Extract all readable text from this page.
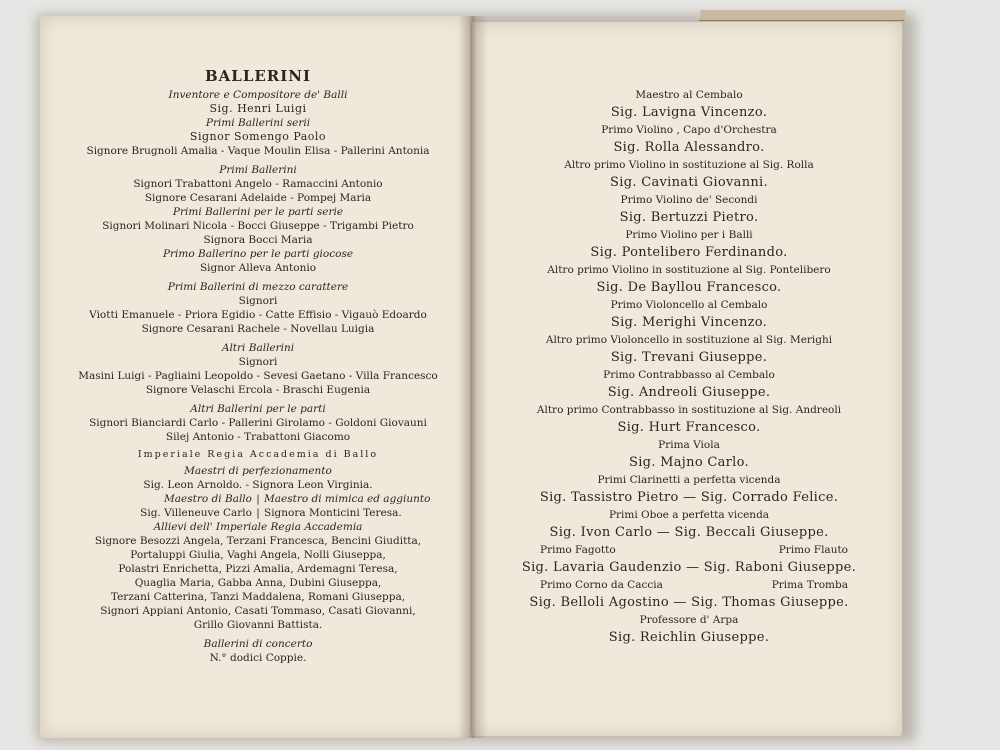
BALLERINI
Inventore e Compositore de' Balli
Sig. Henri Luigi
Primi Ballerini serii
Signor Somengo Paolo
Signore Brugnoli Amalia - Vaque Moulin Elisa - Pallerini Antonia
Primi Ballerini
Signori Trabattoni Angelo - Ramaccini Antonio
Signore Cesarani Adelaide - Pompej Maria
Primi Ballerini per le parti serie
Signori Molinari Nicola - Bocci Giuseppe - Trigambi Pietro
Signora Bocci Maria
Primo Ballerino per le parti giocose
Signor Alleva Antonio
Primi Ballerini di mezzo carattere
Signori
Viotti Emanuele - Priora Egidio - Catte Effisio - Vigauò Edoardo
Signore Cesarani Rachele - Novellau Luigia
Altri Ballerini
Signori
Masini Luigi - Pagliaini Leopoldo - Sevesi Gaetano - Villa Francesco
Signore Velaschi Ercola - Braschi Eugenia
Altri Ballerini per le parti
Signori Bianciardi Carlo - Pallerini Girolamo - Goldoni Giovauni
Silej Antonio - Trabattoni Giacomo
Imperiale Regia Accademia di Ballo
Maestri di perfezionamento
Sig. Leon Arnoldo. - Signora Leon Virginia.
Maestro di Ballo | Maestro di mimica ed aggiunto
Sig. Villeneuve Carlo | Signora Monticini Teresa.
Allievi dell' Imperiale Regia Accademia
Signore Besozzi Angela, Terzani Francesca, Bencini Giuditta,
Portaluppi Giulia, Vaghi Angela, Nolli Giuseppa,
Polastri Enrichetta, Pizzi Amalia, Ardemagni Teresa,
Quaglia Maria, Gabba Anna, Dubini Giuseppa,
Terzani Catterina, Tanzi Maddalena, Romani Giuseppa,
Signori Appiani Antonio, Casati Tommaso, Casati Giovanni,
Grillo Giovanni Battista.
Ballerini di concerto
N.° dodici Coppie.
Maestro al Cembalo
Sig. Lavigna Vincenzo.
Primo Violino , Capo d'Orchestra
Sig. Rolla Alessandro.
Altro primo Violino in sostituzione al Sig. Rolla
Sig. Cavinati Giovanni.
Primo Violino de' Secondi
Sig. Bertuzzi Pietro.
Primo Violino per i Balli
Sig. Pontelibero Ferdinando.
Altro primo Violino in sostituzione al Sig. Pontelibero
Sig. De Bayllou Francesco.
Primo Violoncello al Cembalo
Sig. Merighi Vincenzo.
Altro primo Violoncello in sostituzione al Sig. Merighi
Sig. Trevani Giuseppe.
Primo Contrabbasso al Cembalo
Sig. Andreoli Giuseppe.
Altro primo Contrabbasso in sostituzione al Sig. Andreoli
Sig. Hurt Francesco.
Prima Viola
Sig. Majno Carlo.
Primi Clarinetti a perfetta vicenda
Sig. Tassistro Pietro — Sig. Corrado Felice.
Primi Oboe a perfetta vicenda
Sig. Ivon Carlo — Sig. Beccali Giuseppe.
Primo Fagotto	Primo Flauto
Sig. Lavaria Gaudenzio — Sig. Raboni Giuseppe.
Primo Corno da Caccia	Prima Tromba
Sig. Belloli Agostino — Sig. Thomas Giuseppe.
Professore d' Arpa
Sig. Reichlin Giuseppe.
